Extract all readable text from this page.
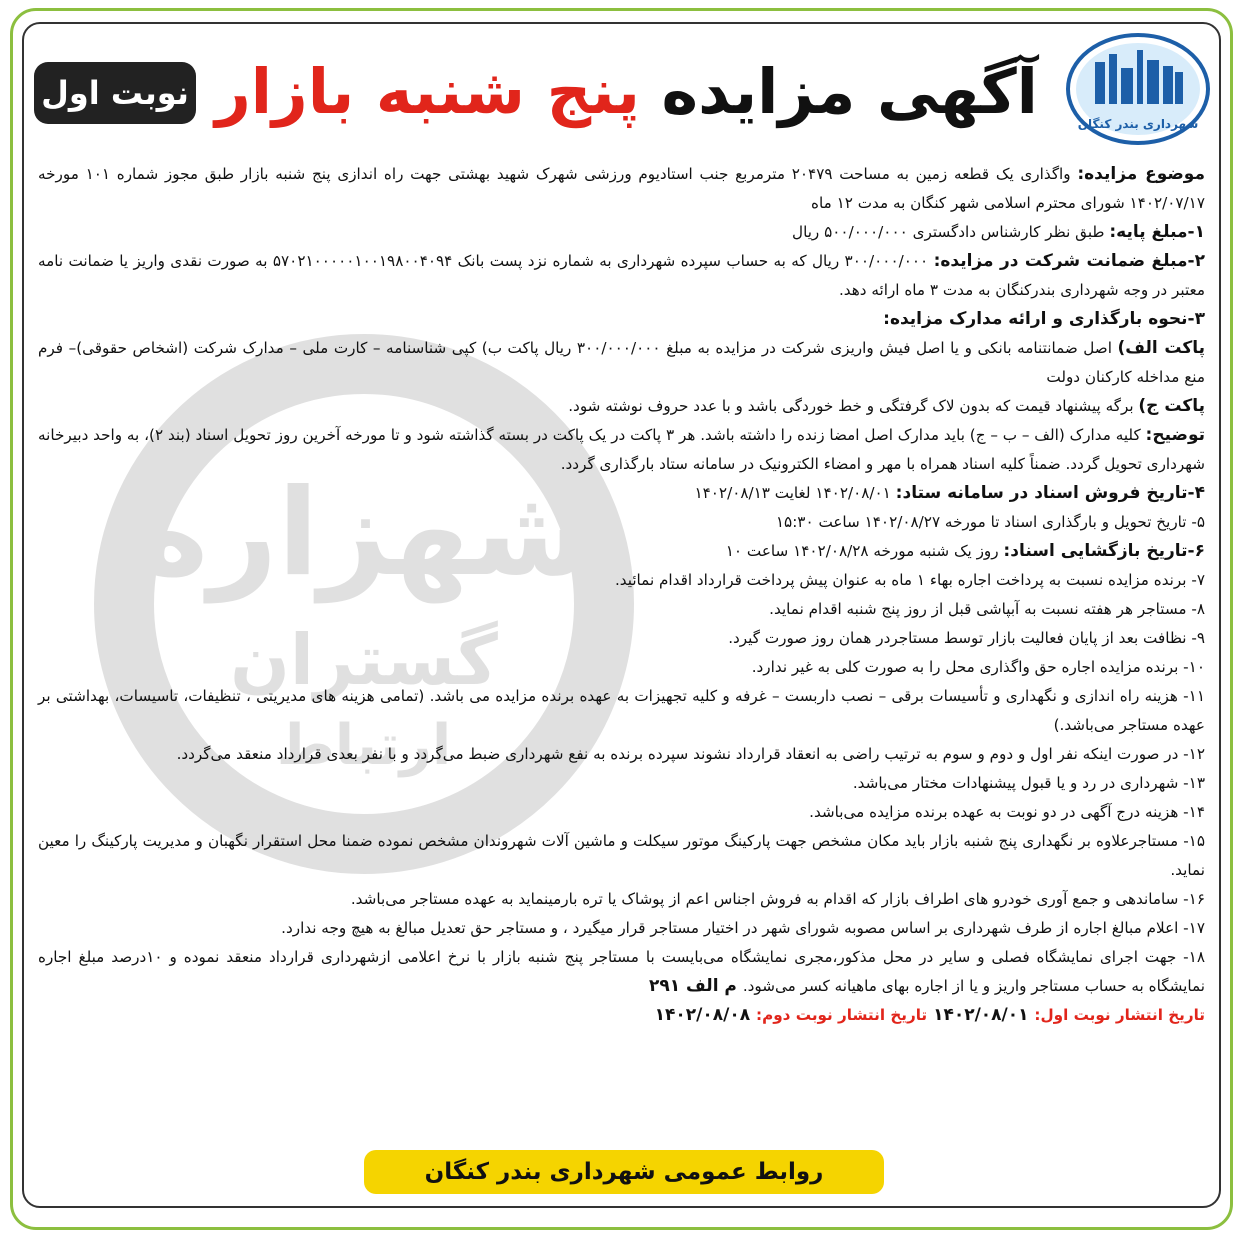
شهزاره
گستران
ارتباط
شهرداری بندر کنگان
آگهی مزایده پنج شنبه بازار
نوبت اول

موضوع مزایده: واگذاری یک قطعه زمین به مساحت ۲۰۴۷۹ مترمربع جنب استادیوم ورزشی شهرک شهید بهشتی جهت راه اندازی پنج شنبه بازار طبق مجوز شماره ۱۰۱ مورخه ۱۴۰۲/۰۷/۱۷ شورای محترم اسلامی شهر کنگان به مدت ۱۲ ماه

۱-مبلغ پایه: طبق نظر کارشناس دادگستری ۵۰۰/۰۰۰/۰۰۰ ریال

۲-مبلغ ضمانت شرکت در مزایده: ۳۰۰/۰۰۰/۰۰۰ ریال که به حساب سپرده شهرداری به شماره نزد پست بانک ۵۷۰۲۱۰۰۰۰۰۱۰۰۱۹۸۰۰۴۰۹۴ به صورت نقدی واریز یا ضمانت نامه معتبر در وجه شهرداری بندرکنگان به مدت ۳ ماه ارائه دهد.

۳-نحوه بارگذاری و ارائه مدارک مزایده:

پاکت الف) اصل ضمانتنامه بانکی و یا اصل فیش واریزی شرکت در مزایده به مبلغ ۳۰۰/۰۰۰/۰۰۰ ریال پاکت ب) کپی شناسنامه – کارت ملی – مدارک شرکت (اشخاص حقوقی)– فرم منع مداخله کارکنان دولت

پاکت ج) برگه پیشنهاد قیمت که بدون لاک گرفتگی و خط خوردگی باشد و با عدد حروف نوشته شود.

توضیح: کلیه مدارک (الف – ب – ج) باید مدارک اصل امضا زنده را داشته باشد. هر ۳ پاکت در یک پاکت در بسته گذاشته شود و تا مورخه آخرین روز تحویل اسناد (بند ۲)، به واحد دبیرخانه شهرداری تحویل گردد. ضمناً کلیه اسناد همراه با مهر و امضاء الکترونیک در سامانه ستاد بارگذاری گردد.

۴-تاریخ فروش اسناد در سامانه ستاد: ۱۴۰۲/۰۸/۰۱ لغایت ۱۴۰۲/۰۸/۱۳

۵- تاریخ تحویل و بارگذاری اسناد تا مورخه ۱۴۰۲/۰۸/۲۷ ساعت ۱۵:۳۰

۶-تاریخ بازگشایی اسناد: روز یک شنبه مورخه ۱۴۰۲/۰۸/۲۸ ساعت ۱۰

۷- برنده مزایده نسبت به پرداخت اجاره بهاء ۱ ماه به عنوان پیش پرداخت قرارداد اقدام نمائید.

۸- مستاجر هر هفته نسبت به آبپاشی قبل از روز پنج شنبه اقدام نماید.

۹- نظافت بعد از پایان فعالیت بازار توسط مستاجردر همان روز صورت گیرد.

۱۰- برنده مزایده اجاره حق واگذاری محل را به صورت کلی به غیر ندارد.

۱۱- هزینه راه اندازی و نگهداری و تأسیسات برقی – نصب داربست – غرفه و کلیه تجهیزات به عهده برنده مزایده می باشد. (تمامی هزینه های مدیریتی ، تنظیفات، تاسیسات، بهداشتی بر عهده مستاجر می‌باشد.)

۱۲- در صورت اینکه نفر اول و دوم و سوم به ترتیب راضی به انعقاد قرارداد نشوند سپرده برنده به نفع شهرداری ضبط می‌گردد و با نفر بعدی قرارداد منعقد می‌گردد.

۱۳- شهرداری در رد و یا قبول پیشنهادات مختار می‌باشد.

۱۴- هزینه درج آگهی در دو نوبت به عهده برنده مزایده می‌باشد.

۱۵- مستاجرعلاوه بر نگهداری پنج شنبه بازار باید مکان مشخص جهت پارکینگ موتور سیکلت و ماشین آلات شهروندان مشخص نموده ضمنا محل استقرار نگهبان و مدیریت پارکینگ را معین نماید.

۱۶- ساماندهی و جمع آوری خودرو های اطراف بازار که اقدام به فروش اجناس اعم از پوشاک یا تره بارمینماید به عهده مستاجر می‌باشد.

۱۷- اعلام مبالغ اجاره از طرف شهرداری بر اساس مصوبه شورای شهر در اختیار مستاجر قرار میگیرد ، و مستاجر حق تعدیل مبالغ به هیچ وجه ندارد.

۱۸- جهت اجرای نمایشگاه فصلی و سایر در محل مذکور،مجری نمایشگاه می‌بایست با مستاجر پنج شنبه بازار با نرخ اعلامی ازشهرداری قرارداد منعقد نموده و ۱۰درصد مبلغ اجاره نمایشگاه به حساب مستاجر واریز و یا از اجاره بهای ماهیانه کسر می‌شود. م الف ۲۹۱

تاریخ انتشار نوبت اول: ۱۴۰۲/۰۸/۰۱ تاریخ انتشار نوبت دوم: ۱۴۰۲/۰۸/۰۸

روابط عمومی شهرداری بندر کنگان
